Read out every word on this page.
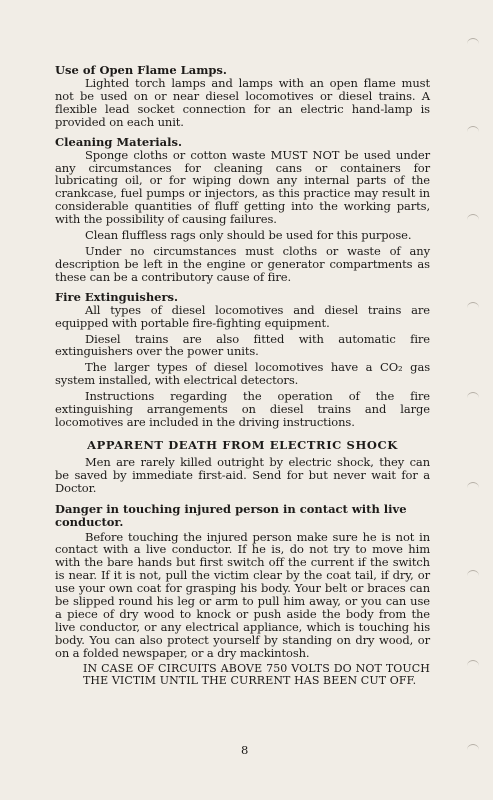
Use of Open Flame Lamps.

Lighted torch lamps and lamps with an open flame must not be used on or near diesel locomotives or diesel trains. A flexible lead socket connection for an electric hand-lamp is provided on each unit.

Cleaning Materials.

Sponge cloths or cotton waste MUST NOT be used under any circumstances for cleaning cans or containers for lubricating oil, or for wiping down any internal parts of the crankcase, fuel pumps or injectors, as this practice may result in considerable quantities of fluff getting into the working parts, with the possibility of causing failures.

Clean fluffless rags only should be used for this purpose.

Under no circumstances must cloths or waste of any description be left in the engine or generator compartments as these can be a contributory cause of fire.

Fire Extinguishers.

All types of diesel locomotives and diesel trains are equipped with portable fire-fighting equipment.

Diesel trains are also fitted with automatic fire extinguishers over the power units.

The larger types of diesel locomotives have a CO₂ gas system installed, with electrical detectors.

Instructions regarding the operation of the fire extinguishing arrangements on diesel trains and large locomotives are included in the driving instructions.

APPARENT DEATH FROM ELECTRIC SHOCK

Men are rarely killed outright by electric shock, they can be saved by immediate first-aid. Send for but never wait for a Doctor.

Danger in touching injured person in contact with live conductor.

Before touching the injured person make sure he is not in contact with a live conductor. If he is, do not try to move him with the bare hands but first switch off the current if the switch is near. If it is not, pull the victim clear by the coat tail, if dry, or use your own coat for grasping his body. Your belt or braces can be slipped round his leg or arm to pull him away, or you can use a piece of dry wood to knock or push aside the body from the live conductor, or any electrical appliance, which is touching his body. You can also protect yourself by standing on dry wood, or on a folded newspaper, or a dry mackintosh.

IN CASE OF CIRCUITS ABOVE 750 VOLTS DO NOT TOUCH THE VICTIM UNTIL THE CURRENT HAS BEEN CUT OFF.

8
